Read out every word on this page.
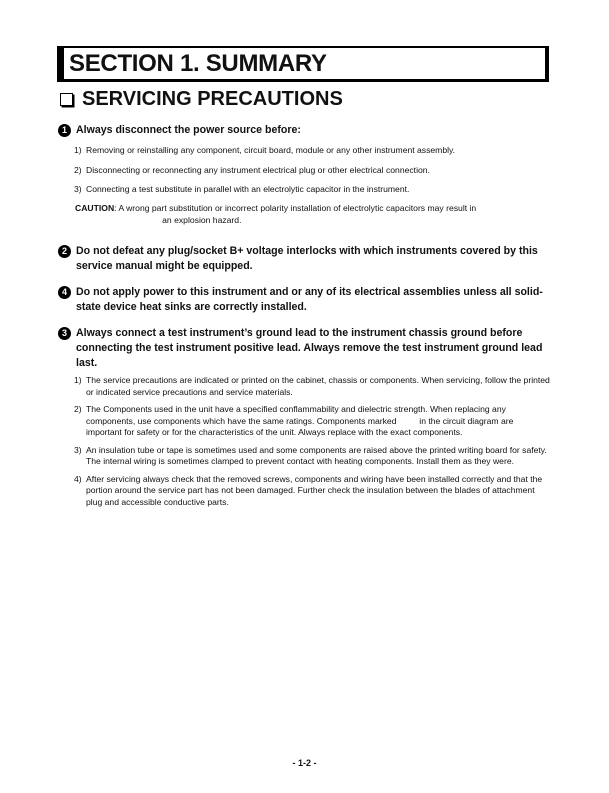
SECTION 1. SUMMARY
SERVICING PRECAUTIONS
1 Always disconnect the power source before:
1) Removing or reinstalling any component, circuit board, module or any other instrument assembly.
2) Disconnecting or reconnecting any instrument electrical plug or other electrical connection.
3) Connecting a test substitute in parallel with an electrolytic capacitor in the instrument.
CAUTION : A wrong part substitution or incorrect polarity installation of electrolytic capacitors may result in
an explosion hazard.
2 Do not defeat any plug/socket B+ voltage interlocks with which instruments covered by this service manual might be equipped.
4 Do not apply power to this instrument and or any of its electrical assemblies unless all solid-state device heat sinks are correctly installed.
3 Always connect a test instrument’s ground lead to the instrument chassis ground before connecting the test instrument positive lead. Always remove the test instrument ground lead last.
1) The service precautions are indicated or printed on the cabinet, chassis or components. When servicing, follow the printed or indicated service precautions and service materials.
2) The Components used in the unit have a specified conflammability and dielectric strength. When replacing any components, use components which have the same ratings. Components marked	in the circuit diagram are important for safety or for the characteristics of the unit. Always replace with the exact components.
3) An insulation tube or tape is sometimes used and some components are raised above the printed writing board for safety. The internal wiring is sometimes clamped to prevent contact with heating components. Install them as they were.
4) After servicing always check that the removed screws, components and wiring have been installed correctly and that the portion around the service part has not been damaged. Further check the insulation between the blades of attachment plug and accessible conductive parts.
- 1-2 -
